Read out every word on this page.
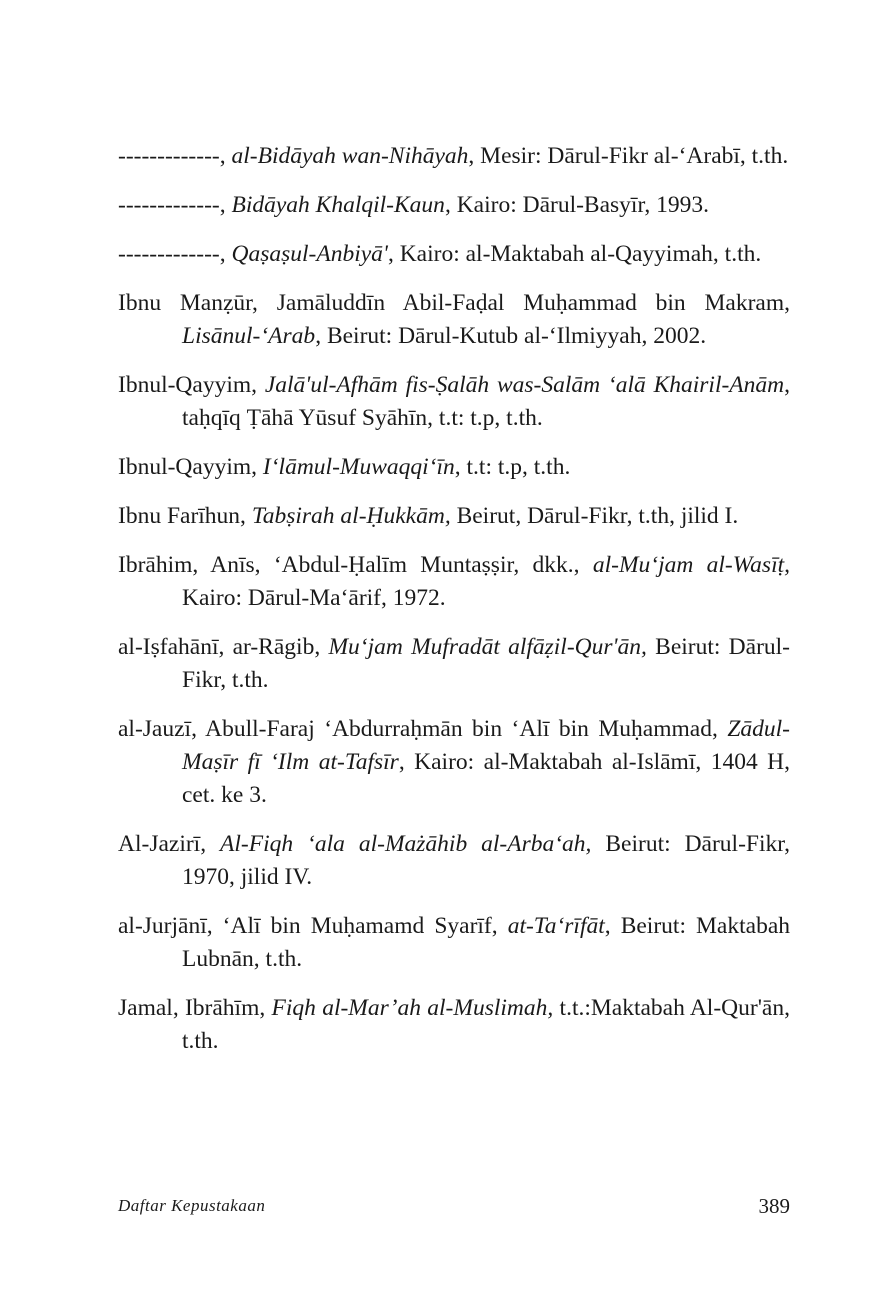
-------------, al-Bidāyah wan-Nihāyah, Mesir: Dārul-Fikr al-‘Arabī, t.th.

-------------, Bidāyah Khalqil-Kaun, Kairo: Dārul-Basyīr, 1993.

-------------, Qaṣaṣul-Anbiyā', Kairo: al-Maktabah al-Qayyimah, t.th.

Ibnu Manẓūr, Jamāluddīn Abil-Faḍal Muḥammad bin Makram, Lisānul-‘Arab, Beirut: Dārul-Kutub al-‘Ilmiyyah, 2002.

Ibnul-Qayyim, Jalā'ul-Afhām fis-Ṣalāh was-Salām ‘alā Khairil-Anām, taḥqīq Ṭāhā Yūsuf Syāhīn, t.t: t.p, t.th.

Ibnul-Qayyim, I‘lāmul-Muwaqqi‘īn, t.t: t.p, t.th.

Ibnu Farīhun, Tabṣirah al-Ḥukkām, Beirut, Dārul-Fikr, t.th, jilid I.

Ibrāhim, Anīs, ‘Abdul-Ḥalīm Muntaṣṣir, dkk., al-Mu‘jam al-Wasīṭ, Kairo: Dārul-Ma‘ārif, 1972.

al-Iṣfahānī, ar-Rāgib, Mu‘jam Mufradāt alfāẓil-Qur'ān, Beirut: Dārul-Fikr, t.th.

al-Jauzī, Abull-Faraj ‘Abdurraḥmān bin ‘Alī bin Muḥammad, Zādul-Maṣīr fī ‘Ilm at-Tafsīr, Kairo: al-Maktabah al-Islāmī, 1404 H, cet. ke 3.

Al-Jazirī, Al-Fiqh ‘ala al-Mażāhib al-Arba‘ah, Beirut: Dārul-Fikr, 1970, jilid IV.

al-Jurjānī, ‘Alī bin Muḥamamd Syarīf, at-Ta‘rīfāt, Beirut: Maktabah Lubnān, t.th.

Jamal, Ibrāhīm, Fiqh al-Mar’ah al-Muslimah, t.t.:Maktabah Al-Qur'ān, t.th.

Daftar Kepustakaan	389
